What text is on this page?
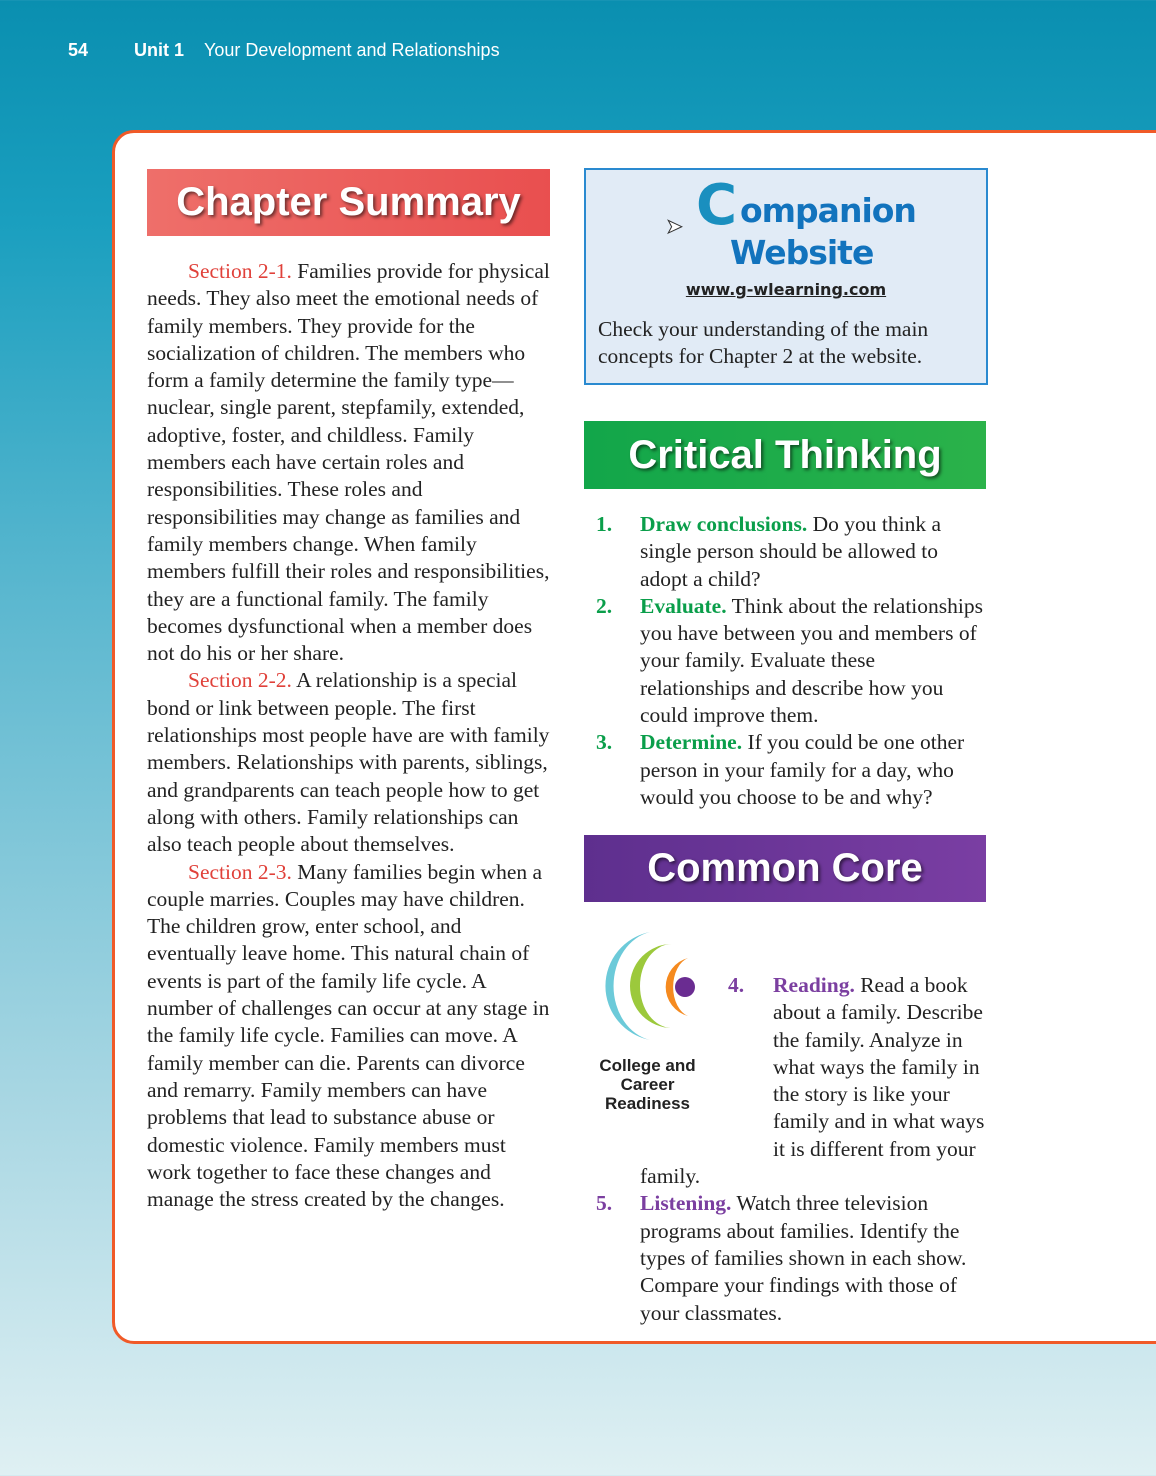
54	Unit 1 Your Development and Relationships
Chapter Summary

Section 2-1. Families provide for physical needs. They also meet the emotional needs of family members. They provide for the socialization of children. The members who form a family determine the family type—nuclear, single parent, stepfamily, extended, adoptive, foster, and childless. Family members each have certain roles and responsibilities. These roles and responsibilities may change as families and family members change. When family members fulfill their roles and responsibilities, they are a functional family. The family becomes dysfunctional when a member does not do his or her share.

Section 2-2. A relationship is a special bond or link between people. The first relationships most people have are with family members. Relationships with parents, siblings, and grandparents can teach people how to get along with others. Family relationships can also teach people about themselves.

Section 2-3. Many families begin when a couple marries. Couples may have children. The children grow, enter school, and eventually leave home. This natural chain of events is part of the family life cycle. A number of challenges can occur at any stage in the family life cycle. Families can move. A family member can die. Parents can divorce and remarry. Family members can have problems that lead to substance abuse or domestic violence. Family members must work together to face these changes and manage the stress created by the changes.

➤ C ompanion
Website
www.g-wlearning.com

Check your understanding of the main concepts for Chapter 2 at the website.

Critical Thinking
1. Draw conclusions. Do you think a single person should be allowed to adopt a child?
2. Evaluate. Think about the relationships you have between you and members of your family. Evaluate these relationships and describe how you could improve them.
3. Determine. If you could be one other person in your family for a day, who would you choose to be and why?
Common Core
College and Career Readiness
4. Reading. Read a book about a family. Describe the family. Analyze in what ways the family in the story is like your family and in what ways it is different from your family.
5. Listening. Watch three television programs about families. Identify the types of families shown in each show. Compare your findings with those of your classmates.
